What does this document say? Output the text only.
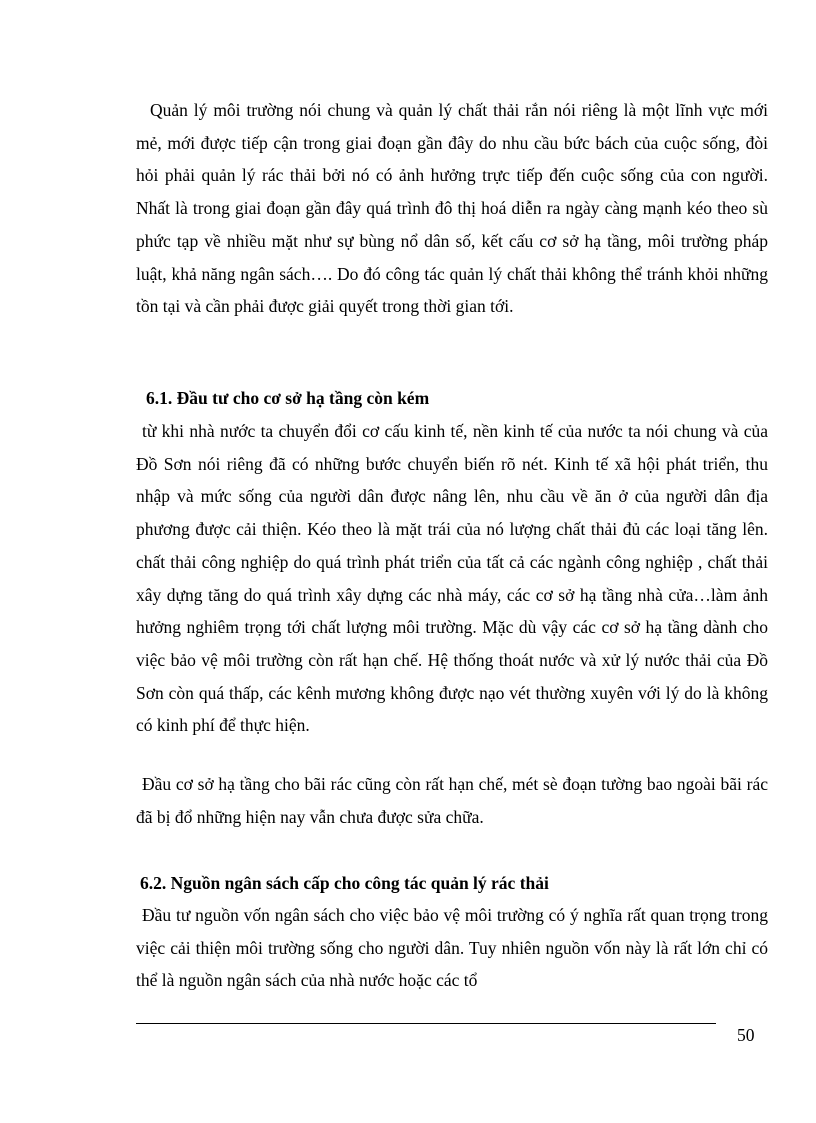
Quản lý môi trường nói chung và quản lý chất thải rắn nói riêng là một lĩnh vực mới mẻ, mới được tiếp cận trong giai đoạn gần đây do nhu cầu bức bách của cuộc sống, đòi hỏi phải quản lý rác thải bởi nó có ảnh hưởng trực tiếp đến cuộc sống của con người. Nhất là trong giai đoạn gần đây quá trình đô thị hoá diễn ra ngày càng mạnh kéo theo sù phức tạp về nhiều mặt như sự bùng nổ dân số, kết cấu cơ sở hạ tầng, môi trường pháp luật, khả năng ngân sách…. Do đó công tác quản lý chất thải không thể tránh khỏi những tồn tại và cần phải được giải quyết trong thời gian tới.

6.1. Đầu tư cho cơ sở hạ tầng còn kém

từ khi nhà nước ta chuyển đổi cơ cấu kinh tế, nền kinh tế của nước ta nói chung và của Đồ Sơn nói riêng đã có những bước chuyển biến rõ nét. Kinh tế xã hội phát triển, thu nhập và mức sống của người dân được nâng lên, nhu cầu về ăn ở của người dân địa phương được cải thiện. Kéo theo là mặt trái của nó lượng chất thải đủ các loại tăng lên. chất thải công nghiệp do quá trình phát triển của tất cả các ngành công nghiệp , chất thải xây dựng tăng do quá trình xây dựng các nhà máy, các cơ sở hạ tầng nhà cửa…làm ảnh hưởng nghiêm trọng tới chất lượng môi trường. Mặc dù vậy các cơ sở hạ tầng dành cho việc bảo vệ môi trường còn rất hạn chế. Hệ thống thoát nước và xử lý nước thải của Đồ Sơn còn quá thấp, các kênh mương không được nạo vét thường xuyên với lý do là không có kinh phí để thực hiện.

Đầu cơ sở hạ tầng cho bãi rác cũng còn rất hạn chế, mét sè đoạn tường bao ngoài bãi rác đã bị đổ những hiện nay vẫn chưa được sửa chữa.

6.2. Nguồn ngân sách cấp cho công tác quản lý rác thải

Đầu tư nguồn vốn ngân sách cho việc bảo vệ môi trường có ý nghĩa rất quan trọng trong việc cải thiện môi trường sống cho người dân. Tuy nhiên nguồn vốn này là rất lớn chỉ có thể là nguồn ngân sách của nhà nước hoặc các tổ

50
